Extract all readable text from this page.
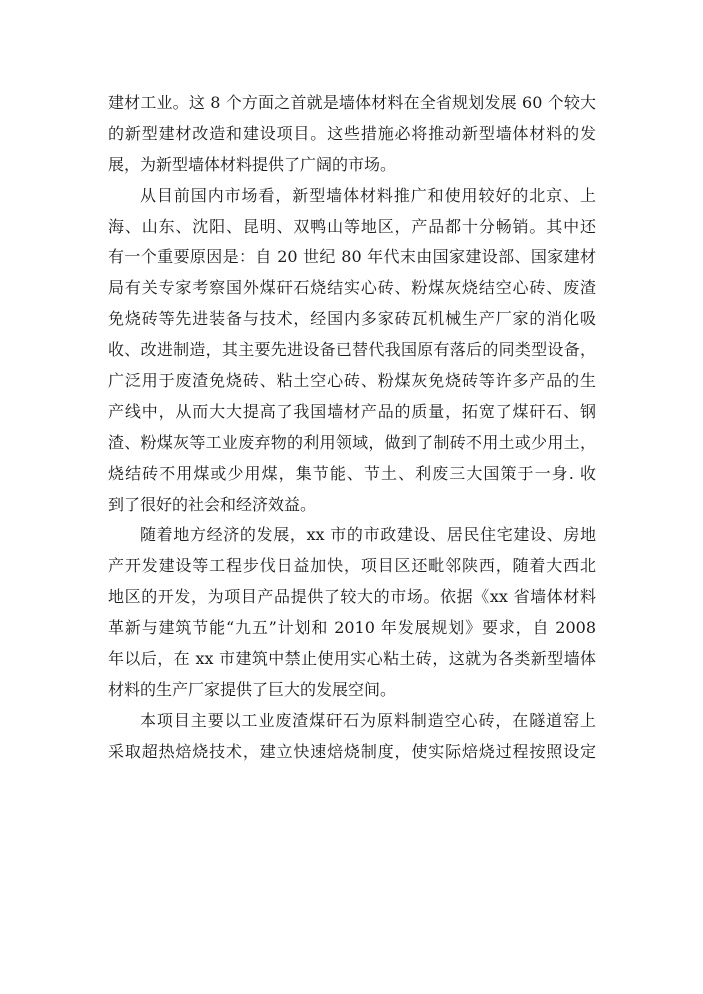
建材工业。这 8 个方面之首就是墙体材料在全省规划发展 60 个较大
的新型建材改造和建设项目。这些措施必将推动新型墙体材料的发
展，为新型墙体材料提供了广阔的市场。
从目前国内市场看，新型墙体材料推广和使用较好的北京、上
海、山东、沈阳、昆明、双鸭山等地区，产品都十分畅销。其中还
有一个重要原因是：自 20 世纪 80 年代末由国家建设部、国家建材
局有关专家考察国外煤矸石烧结实心砖、粉煤灰烧结空心砖、废渣
免烧砖等先进装备与技术，经国内多家砖瓦机械生产厂家的消化吸
收、改进制造，其主要先进设备已替代我国原有落后的同类型设备，
广泛用于废渣免烧砖、粘土空心砖、粉煤灰免烧砖等许多产品的生
产线中，从而大大提高了我国墙材产品的质量，拓宽了煤矸石、钢
渣、粉煤灰等工业废弃物的利用领域，做到了制砖不用土或少用土，
烧结砖不用煤或少用煤，集节能、节土、利废三大国策于一身. 收
到了很好的社会和经济效益。
随着地方经济的发展，xx 市的市政建设、居民住宅建设、房地
产开发建设等工程步伐日益加快，项目区还毗邻陕西，随着大西北
地区的开发，为项目产品提供了较大的市场。依据《xx 省墙体材料
革新与建筑节能“九五”计划和 2010 年发展规划》要求，自 2008
年以后，在 xx 市建筑中禁止使用实心粘土砖，这就为各类新型墙体
材料的生产厂家提供了巨大的发展空间。
本项目主要以工业废渣煤矸石为原料制造空心砖，在隧道窑上
采取超热焙烧技术，建立快速焙烧制度，使实际焙烧过程按照设定
